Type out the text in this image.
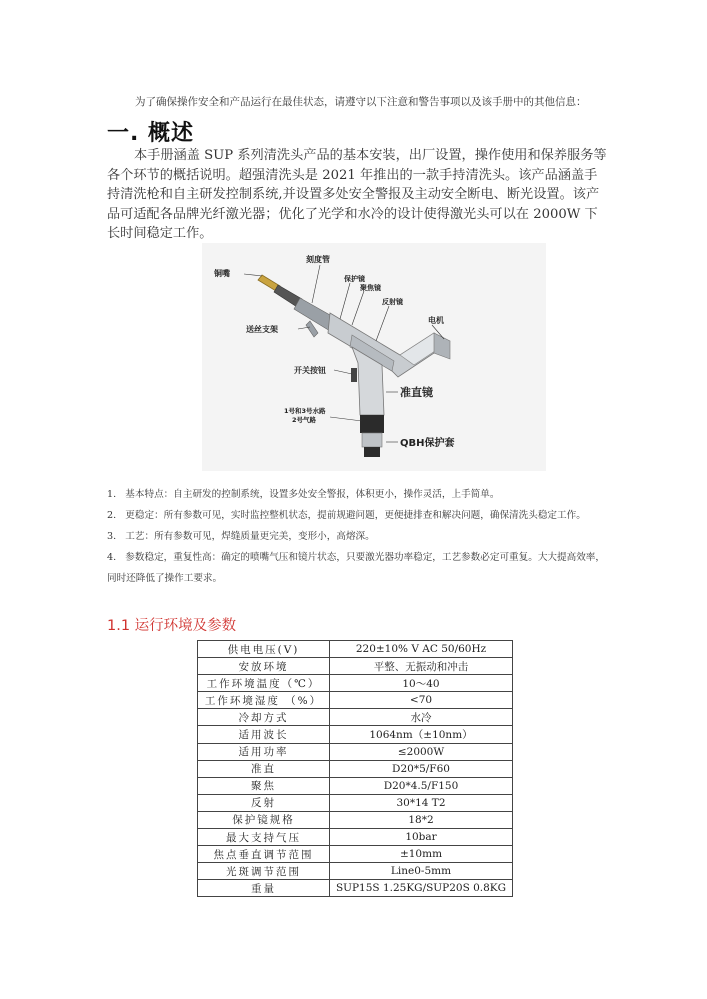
为了确保操作安全和产品运行在最佳状态，请遵守以下注意和警告事项以及该手册中的其他信息：
一. 概述

本手册涵盖 SUP 系列清洗头产品的基本安装，出厂设置，操作使用和保养服务等各个环节的概括说明。超强清洗头是 2021 年推出的一款手持清洗头。该产品涵盖手持清洗枪和自主研发控制系统,并设置多处安全警报及主动安全断电、断光设置。该产品可适配各品牌光纤激光器；优化了光学和水冷的设计使得激光头可以在 2000W 下长时间稳定工作。

铜嘴
刻度管
保护镜
聚焦镜
反射镜
电机
送丝支架
开关按钮
准直镜
1号和3号水路
2号气路
QBH保护套

1.   基本特点：自主研发的控制系统，设置多处安全警报，体积更小，操作灵活，上手简单。

2.   更稳定：所有参数可见，实时监控整机状态，提前规避问题，更便捷排查和解决问题，确保清洗头稳定工作。

3.   工艺：所有参数可见，焊缝质量更完美，变形小，高熔深。

4.   参数稳定，重复性高：确定的喷嘴气压和镜片状态，只要激光器功率稳定，工艺参数必定可重复。大大提高效率，同时还降低了操作工要求。

1.1 运行环境及参数
供电电压(V)	220±10% V AC 50/60Hz
安放环境	平整、无振动和冲击
工作环境温度（℃）	10～40
工作环境湿度 （%）	<70
冷却方式	水冷
适用波长	1064nm（±10nm）
适用功率	≤2000W
准直	D20*5/F60
聚焦	D20*4.5/F150
反射	30*14 T2
保护镜规格	18*2
最大支持气压	10bar
焦点垂直调节范围	±10mm
光斑调节范围	Line0-5mm
重量	SUP15S 1.25KG/SUP20S 0.8KG
